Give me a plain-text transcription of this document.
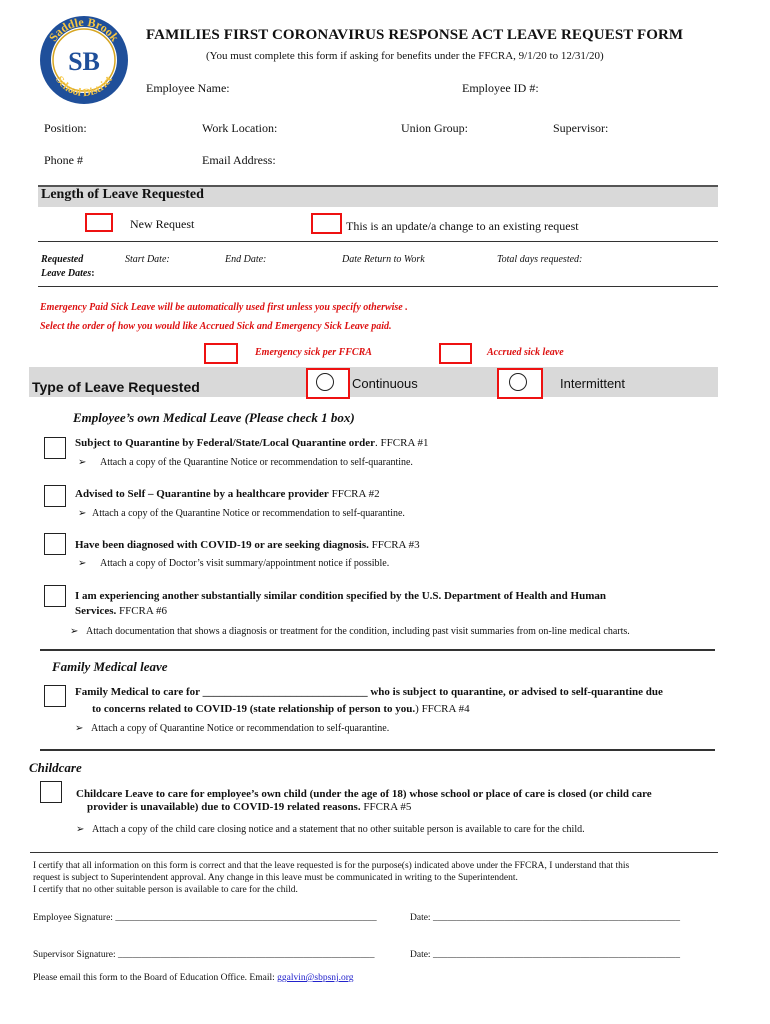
Saddle Brook
School District
SB
FAMILIES FIRST CORONAVIRUS RESPONSE ACT LEAVE REQUEST FORM
(You must complete this form if asking for benefits under the FFCRA, 9/1/20 to 12/31/20)
Employee Name:	Employee ID #:
Position:	Work Location:	Union Group:	Supervisor:
Phone #	Email Address:
Length of Leave Requested
New Request	This is an update/a change to an existing request
Requested
Leave Dates:
Start Date:	End Date:	Date Return to Work	Total days requested:
Emergency Paid Sick Leave will be automatically used first unless you specify otherwise .
Select the order of how you would like Accrued Sick and Emergency Sick Leave paid.
Emergency sick per FFCRA	Accrued sick leave
Type of Leave Requested	Continuous	Intermittent
Employee’s own Medical Leave (Please check 1 box)
Subject to Quarantine by Federal/State/Local Quarantine order. FFCRA #1
➢ Attach a copy of the Quarantine Notice or recommendation to self-quarantine.
Advised to Self – Quarantine by a healthcare provider FFCRA #2
➢ Attach a copy of the Quarantine Notice or recommendation to self-quarantine.
Have been diagnosed with COVID-19 or are seeking diagnosis. FFCRA #3
➢ Attach a copy of Doctor’s visit summary/appointment notice if possible.
I am experiencing another substantially similar condition specified by the U.S. Department of Health and Human
Services. FFCRA #6
➢ Attach documentation that shows a diagnosis or treatment for the condition, including past visit summaries from on-line medical charts.
Family Medical leave
Family Medical to care for ______________________________ who is subject to quarantine, or advised to self-quarantine due
to concerns related to COVID-19 (state relationship of person to you.) FFCRA #4
➢ Attach a copy of Quarantine Notice or recommendation to self-quarantine.
Childcare
Childcare Leave to care for employee’s own child (under the age of 18) whose school or place of care is closed (or child care
provider is unavailable) due to COVID-19 related reasons. FFCRA #5
➢ Attach a copy of the child care closing notice and a statement that no other suitable person is available to care for the child.
I certify that all information on this form is correct and that the leave requested is for the purpose(s) indicated above under the FFCRA, I understand that this
request is subject to Superintendent approval. Any change in this leave must be communicated in writing to the Superintendent.
I certify that no other suitable person is available to care for the child.
Employee Signature: _______________________________________________________	Date: ____________________________________________________
Supervisor Signature: ______________________________________________________	Date: ____________________________________________________
Please email this form to the Board of Education Office. Email: ggalvin@sbpsnj.org
